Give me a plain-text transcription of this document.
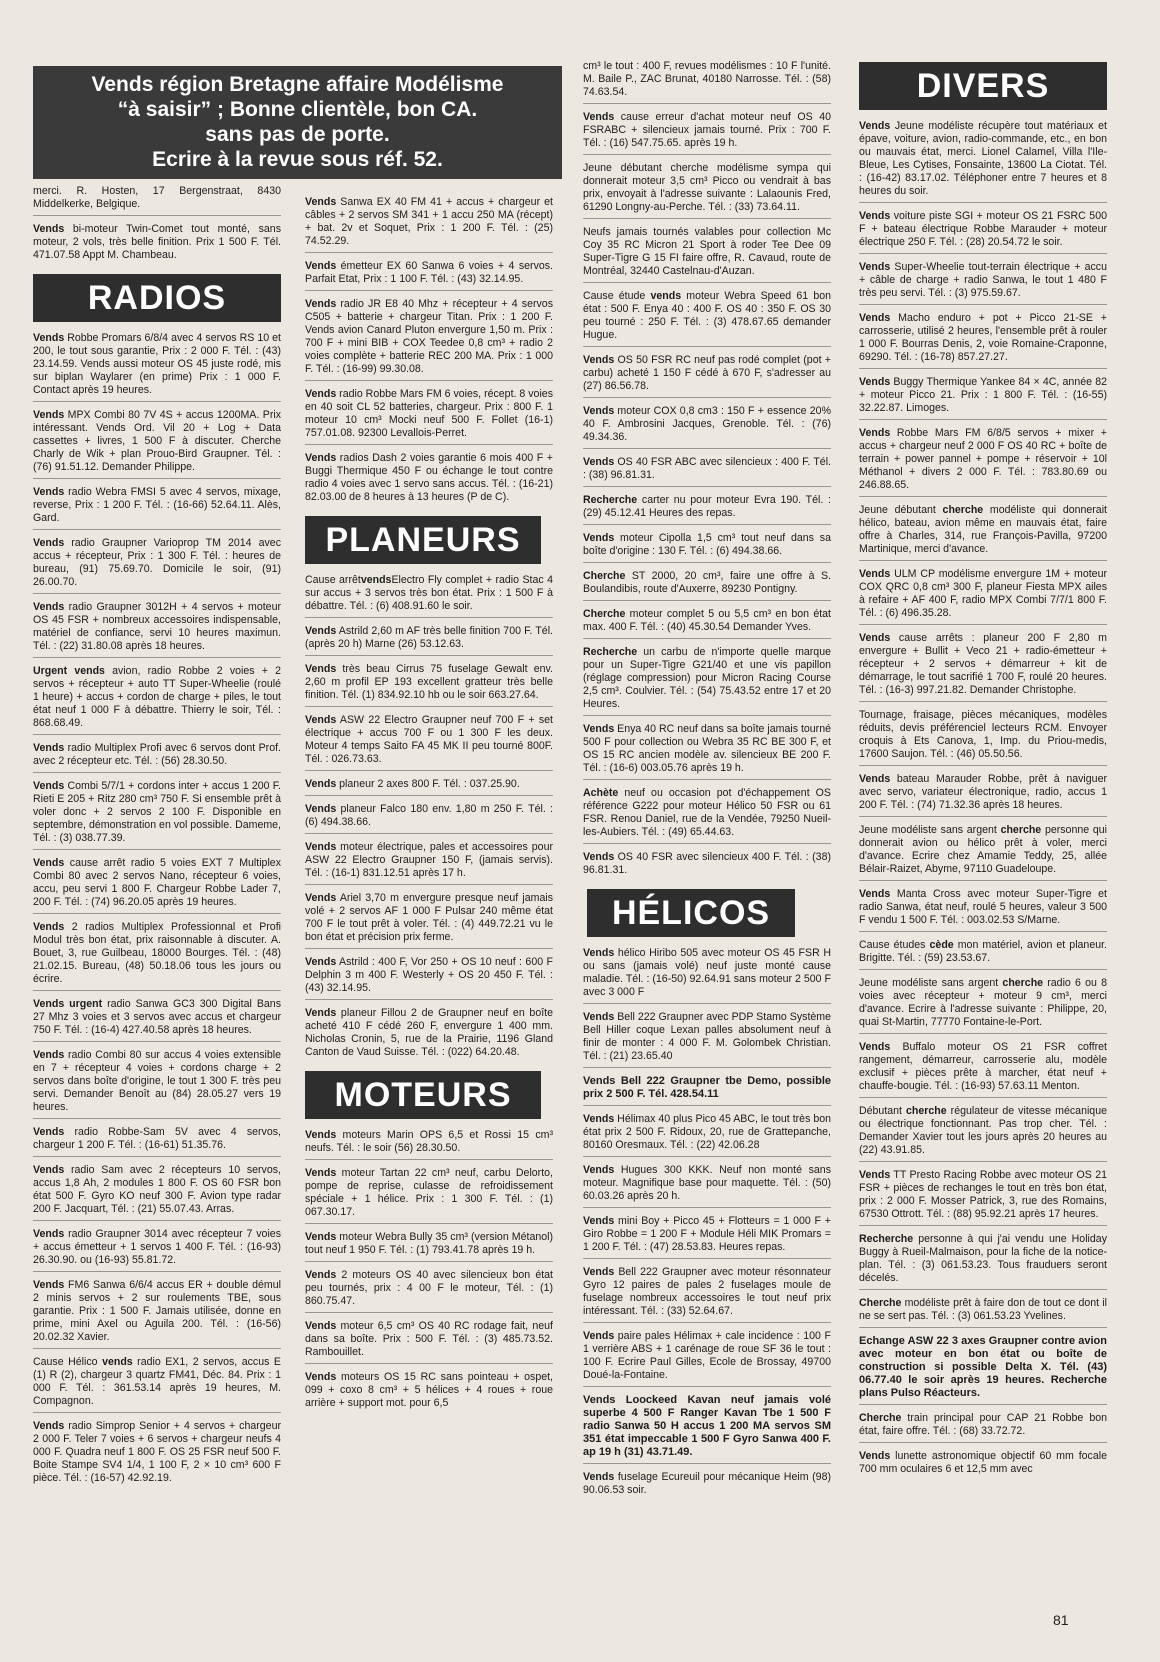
Vends région Bretagne affaire Modélisme
“à saisir” ; Bonne clientèle, bon CA.
sans pas de porte.
Ecrire à la revue sous réf. 52.
merci. R. Hosten, 17 Bergenstraat, 8430 Middelkerke, Belgique.
Vends bi-moteur Twin-Comet tout monté, sans moteur, 2 vols, très belle finition. Prix 1 500 F. Tél. 471.07.58 Appt M. Chambeau.
RADIOS
Vends Robbe Promars 6/8/4 avec 4 servos RS 10 et 200, le tout sous garantie, Prix : 2 000 F. Tél. : (43) 23.14.59. Vends aussi moteur OS 45 juste rodé, mis sur biplan Waylarer (en prime) Prix : 1 000 F. Contact après 19 heures.
Vends MPX Combi 80 7V 4S + accus 1200MA. Prix intéressant. Vends Ord. Vil 20 + Log + Data cassettes + livres, 1 500 F à discuter. Cherche Charly de Wik + plan Prouo-Bird Graupner. Tél. : (76) 91.51.12. Demander Philippe.
Vends radio Webra FMSI 5 avec 4 servos, mixage, reverse, Prix : 1 200 F. Tél. : (16-66) 52.64.11. Alès, Gard.
Vends radio Graupner Varioprop TM 2014 avec accus + récepteur, Prix : 1 300 F. Tél. : heures de bureau, (91) 75.69.70. Domicile le soir, (91) 26.00.70.
Vends radio Graupner 3012H + 4 servos + moteur OS 45 FSR + nombreux accessoires indispensable, matériel de confiance, servi 10 heures maximun. Tél. : (22) 31.80.08 après 18 heures.
Urgent vends avion, radio Robbe 2 voies + 2 servos + récepteur + auto TT Super-Wheelie (roulé 1 heure) + accus + cordon de charge + piles, le tout état neuf 1 000 F à débattre. Thierry le soir, Tél. : 868.68.49.
Vends radio Multiplex Profi avec 6 servos dont Prof. avec 2 récepteur etc. Tél. : (56) 28.30.50.
Vends Combi 5/7/1 + cordons inter + accus 1 200 F. Rieti E 205 + Ritz 280 cm³ 750 F. Si ensemble prêt à voler donc + 2 servos 2 100 F. Disponible en septembre, démonstration en vol possible. Dameme, Tél. : (3) 038.77.39.
Vends cause arrêt radio 5 voies EXT 7 Multiplex Combi 80 avec 2 servos Nano, récepteur 6 voies, accu, peu servi 1 800 F. Chargeur Robbe Lader 7, 200 F. Tél. : (74) 96.20.05 après 19 heures.
Vends 2 radios Multiplex Professionnal et Profi Modul très bon état, prix raisonnable à discuter. A. Bouet, 3, rue Guilbeau, 18000 Bourges. Tél. : (48) 21.02.15. Bureau, (48) 50.18.06 tous les jours ou écrire.
Vends urgent radio Sanwa GC3 300 Digital Bans 27 Mhz 3 voies et 3 servos avec accus et chargeur 750 F. Tél. : (16-4) 427.40.58 après 18 heures.
Vends radio Combi 80 sur accus 4 voies extensible en 7 + récepteur 4 voies + cordons charge + 2 servos dans boîte d'origine, le tout 1 300 F. très peu servi. Demander Benoît au (84) 28.05.27 vers 19 heures.
Vends radio Robbe-Sam 5V avec 4 servos, chargeur 1 200 F. Tél. : (16-61) 51.35.76.
Vends radio Sam avec 2 récepteurs 10 servos, accus 1,8 Ah, 2 modules 1 800 F. OS 60 FSR bon état 500 F. Gyro KO neuf 300 F. Avion type radar 200 F. Jacquart, Tél. : (21) 55.07.43. Arras.
Vends radio Graupner 3014 avec récepteur 7 voies + accus émetteur + 1 servos 1 400 F. Tél. : (16-93) 26.30.90. ou (16-93) 55.81.72.
Vends FM6 Sanwa 6/6/4 accus ER + double démul 2 minis servos + 2 sur roulements TBE, sous garantie. Prix : 1 500 F. Jamais utilisée, donne en prime, mini Axel ou Aguila 200. Tél. : (16-56) 20.02.32 Xavier.
Cause Hélico vends radio EX1, 2 servos, accus E (1) R (2), chargeur 3 quartz FM41, Déc. 84. Prix : 1 000 F. Tél. : 361.53.14 après 19 heures, M. Compagnon.
Vends radio Simprop Senior + 4 servos + chargeur 2 000 F. Teler 7 voies + 6 servos + chargeur neufs 4 000 F. Quadra neuf 1 800 F. OS 25 FSR neuf 500 F. Boite Stampe SV4 1/4, 1 100 F, 2 × 10 cm³ 600 F pièce. Tél. : (16-57) 42.92.19.
Vends Sanwa EX 40 FM 41 + accus + chargeur et câbles + 2 servos SM 341 + 1 accu 250 MA (récept) + bat. 2v et Soquet, Prix : 1 200 F. Tél. : (25) 74.52.29.
Vends émetteur EX 60 Sanwa 6 voies + 4 servos. Parfait Etat, Prix : 1 100 F. Tél. : (43) 32.14.95.
Vends radio JR E8 40 Mhz + récepteur + 4 servos C505 + batterie + chargeur Titan. Prix : 1 200 F. Vends avion Canard Pluton envergure 1,50 m. Prix : 700 F + mini BIB + COX Teedee 0,8 cm³ + radio 2 voies complète + batterie REC 200 MA. Prix : 1 000 F. Tél. : (16-99) 99.30.08.
Vends radio Robbe Mars FM 6 voies, récept. 8 voies en 40 soit CL 52 batteries, chargeur. Prix : 800 F. 1 moteur 10 cm³ Mocki neuf 500 F. Follet (16-1) 757.01.08. 92300 Levallois-Perret.
Vends radios Dash 2 voies garantie 6 mois 400 F + Buggi Thermique 450 F ou échange le tout contre radio 4 voies avec 1 servo sans accus. Tél. : (16-21) 82.03.00 de 8 heures à 13 heures (P de C).
PLANEURS
Cause arrêtvendsElectro Fly complet + radio Stac 4 sur accus + 3 servos très bon état. Prix : 1 500 F à débattre. Tél. : (6) 408.91.60 le soir.
Vends Astrild 2,60 m AF très belle finition 700 F. Tél. (après 20 h) Marne (26) 53.12.63.
Vends très beau Cirrus 75 fuselage Gewalt env. 2,60 m profil EP 193 excellent gratteur très belle finition. Tél. (1) 834.92.10 hb ou le soir 663.27.64.
Vends ASW 22 Electro Graupner neuf 700 F + set électrique + accus 700 F ou 1 300 F les deux. Moteur 4 temps Saito FA 45 MK II peu tourné 800F. Tél. : 026.73.63.
Vends planeur 2 axes 800 F. Tél. : 037.25.90.
Vends planeur Falco 180 env. 1,80 m 250 F. Tél. : (6) 494.38.66.
Vends moteur électrique, pales et accessoires pour ASW 22 Electro Graupner 150 F, (jamais servis). Tél. : (16-1) 831.12.51 après 17 h.
Vends Ariel 3,70 m envergure presque neuf jamais volé + 2 servos AF 1 000 F Pulsar 240 même état 700 F le tout prêt à voler. Tél. : (4) 449.72.21 vu le bon état et précision prix ferme.
Vends Astrild : 400 F, Vor 250 + OS 10 neuf : 600 F Delphin 3 m 400 F. Westerly + OS 20 450 F. Tél. : (43) 32.14.95.
Vends planeur Fillou 2 de Graupner neuf en boîte acheté 410 F cédé 260 F, envergure 1 400 mm. Nicholas Cronin, 5, rue de la Prairie, 1196 Gland Canton de Vaud Suisse. Tél. : (022) 64.20.48.
MOTEURS
Vends moteurs Marin OPS 6,5 et Rossi 15 cm³ neufs. Tél. : le soir (56) 28.30.50.
Vends moteur Tartan 22 cm³ neuf, carbu Delorto, pompe de reprise, culasse de refroidissement spéciale + 1 hélice. Prix : 1 300 F. Tél. : (1) 067.30.17.
Vends moteur Webra Bully 35 cm³ (version Métanol) tout neuf 1 950 F. Tél. : (1) 793.41.78 après 19 h.
Vends 2 moteurs OS 40 avec silencieux bon état peu tournés, prix : 4 00 F le moteur, Tél. : (1) 860.75.47.
Vends moteur 6,5 cm³ OS 40 RC rodage fait, neuf dans sa boîte. Prix : 500 F. Tél. : (3) 485.73.52. Rambouillet.
Vends moteurs OS 15 RC sans pointeau + ospet, 099 + coxo 8 cm³ + 5 hélices + 4 roues + roue arrière + support mot. pour 6,5
cm³ le tout : 400 F, revues modélismes : 10 F l'unité. M. Baile P., ZAC Brunat, 40180 Narrosse. Tél. : (58) 74.63.54.
Vends cause erreur d'achat moteur neuf OS 40 FSRABC + silencieux jamais tourné. Prix : 700 F. Tél. : (16) 547.75.65. après 19 h.
Jeune débutant cherche modélisme sympa qui donnerait moteur 3,5 cm³ Picco ou vendrait à bas prix, envoyait à l'adresse suivante : Lalaounis Fred, 61290 Longny-au-Perche. Tél. : (33) 73.64.11.
Neufs jamais tournés valables pour collection Mc Coy 35 RC Micron 21 Sport à roder Tee Dee 09 Super-Tigre G 15 FI faire offre, R. Cavaud, route de Montréal, 32440 Castelnau-d'Auzan.
Cause étude vends moteur Webra Speed 61 bon état : 500 F. Enya 40 : 400 F. OS 40 : 350 F. OS 30 peu tourné : 250 F. Tél. : (3) 478.67.65 demander Hugue.
Vends OS 50 FSR RC neuf pas rodé complet (pot + carbu) acheté 1 150 F cédé à 670 F, s'adresser au (27) 86.56.78.
Vends moteur COX 0,8 cm3 : 150 F + essence 20% 40 F. Ambrosini Jacques, Grenoble. Tél. : (76) 49.34.36.
Vends OS 40 FSR ABC avec silencieux : 400 F. Tél. : (38) 96.81.31.
Recherche carter nu pour moteur Evra 190. Tél. : (29) 45.12.41 Heures des repas.
Vends moteur Cipolla 1,5 cm³ tout neuf dans sa boîte d'origine : 130 F. Tél. : (6) 494.38.66.
Cherche ST 2000, 20 cm³, faire une offre à S. Boulandibis, route d'Auxerre, 89230 Pontigny.
Cherche moteur complet 5 ou 5,5 cm³ en bon état max. 400 F. Tél. : (40) 45.30.54 Demander Yves.
Recherche un carbu de n'importe quelle marque pour un Super-Tigre G21/40 et une vis papillon (réglage compression) pour Micron Racing Course 2,5 cm³. Coulvier. Tél. : (54) 75.43.52 entre 17 et 20 Heures.
Vends Enya 40 RC neuf dans sa boîte jamais tourné 500 F pour collection ou Webra 35 RC BE 300 F, et OS 15 RC ancien modèle av. silencieux BE 200 F. Tél. : (16-6) 003.05.76 après 19 h.
Achète neuf ou occasion pot d'échappement OS référence G222 pour moteur Hélico 50 FSR ou 61 FSR. Renou Daniel, rue de la Vendée, 79250 Nueil-les-Aubiers. Tél. : (49) 65.44.63.
Vends OS 40 FSR avec silencieux 400 F. Tél. : (38) 96.81.31.
HÉLICOS
Vends hélico Hiribo 505 avec moteur OS 45 FSR H ou sans (jamais volé) neuf juste monté cause maladie. Tél. : (16-50) 92.64.91 sans moteur 2 500 F avec 3 000 F
Vends Bell 222 Graupner avec PDP Stamo Système Bell Hiller coque Lexan palles absolument neuf à finir de monter : 4 000 F. M. Golombek Christian. Tél. : (21) 23.65.40
Vends Bell 222 Graupner tbe Demo, possible prix 2 500 F. Tél. 428.54.11
Vends Hélimax 40 plus Pico 45 ABC, le tout très bon état prix 2 500 F. Ridoux, 20, rue de Grattepanche, 80160 Oresmaux. Tél. : (22) 42.06.28
Vends Hugues 300 KKK. Neuf non monté sans moteur. Magnifique base pour maquette. Tél. : (50) 60.03.26 après 20 h.
Vends mini Boy + Picco 45 + Flotteurs = 1 000 F + Giro Robbe = 1 200 F + Module Héli MIK Promars = 1 200 F. Tél. : (47) 28.53.83. Heures repas.
Vends Bell 222 Graupner avec moteur résonnateur Gyro 12 paires de pales 2 fuselages moule de fuselage nombreux accessoires le tout neuf prix intéressant. Tél. : (33) 52.64.67.
Vends paire pales Hélimax + cale incidence : 100 F 1 verrière ABS + 1 carénage de roue SF 36 le tout : 100 F. Ecrire Paul Gilles, Ecole de Brossay, 49700 Doué-la-Fontaine.
Vends Loockeed Kavan neuf jamais volé superbe 4 500 F Ranger Kavan Tbe 1 500 F radio Sanwa 50 H accus 1 200 MA servos SM 351 état impeccable 1 500 F Gyro Sanwa 400 F. ap 19 h (31) 43.71.49.
Vends fuselage Ecureuil pour mécanique Heim (98) 90.06.53 soir.
DIVERS
Vends Jeune modéliste récupère tout matériaux et épave, voiture, avion, radio-commande, etc., en bon ou mauvais état, merci. Lionel Calamel, Villa l'Ile-Bleue, Les Cytises, Fonsainte, 13600 La Ciotat. Tél. : (16-42) 83.17.02. Téléphoner entre 7 heures et 8 heures du soir.
Vends voiture piste SGI + moteur OS 21 FSRC 500 F + bateau électrique Robbe Marauder + moteur électrique 250 F. Tél. : (28) 20.54.72 le soir.
Vends Super-Wheelie tout-terrain électrique + accu + câble de charge + radio Sanwa, le tout 1 480 F très peu servi. Tél. : (3) 975.59.67.
Vends Macho enduro + pot + Picco 21-SE + carrosserie, utilisé 2 heures, l'ensemble prêt à rouler 1 000 F. Bourras Denis, 2, voie Romaine-Craponne, 69290. Tél. : (16-78) 857.27.27.
Vends Buggy Thermique Yankee 84 × 4C, année 82 + moteur Picco 21. Prix : 1 800 F. Tél. : (16-55) 32.22.87. Limoges.
Vends Robbe Mars FM 6/8/5 servos + mixer + accus + chargeur neuf 2 000 F OS 40 RC + boîte de terrain + power pannel + pompe + réservoir + 10l Méthanol + divers 2 000 F. Tél. : 783.80.69 ou 246.88.65.
Jeune débutant cherche modéliste qui donnerait hélico, bateau, avion même en mauvais état, faire offre à Charles, 314, rue François-Pavilla, 97200 Martinique, merci d'avance.
Vends ULM CP modélisme envergure 1M + moteur COX QRC 0,8 cm³ 300 F, planeur Fiesta MPX ailes à refaire + AF 400 F, radio MPX Combi 7/7/1 800 F. Tél. : (6) 496.35.28.
Vends cause arrêts : planeur 200 F 2,80 m envergure + Bullit + Veco 21 + radio-émetteur + récepteur + 2 servos + démarreur + kit de démarrage, le tout sacrifié 1 700 F, roulé 20 heures. Tél. : (16-3) 997.21.82. Demander Christophe.
Tournage, fraisage, pièces mécaniques, modèles réduits, devis préférenciel lecteurs RCM. Envoyer croquis à Ets Canova, 1, Imp. du Priou-medis, 17600 Saujon. Tél. : (46) 05.50.56.
Vends bateau Marauder Robbe, prêt à naviguer avec servo, variateur électronique, radio, accus 1 200 F. Tél. : (74) 71.32.36 après 18 heures.
Jeune modéliste sans argent cherche personne qui donnerait avion ou hélico prêt à voler, merci d'avance. Ecrire chez Amamie Teddy, 25, allée Bélair-Raizet, Abyme, 97110 Guadeloupe.
Vends Manta Cross avec moteur Super-Tigre et radio Sanwa, état neuf, roulé 5 heures, valeur 3 500 F vendu 1 500 F. Tél. : 003.02.53 S/Marne.
Cause études cède mon matériel, avion et planeur. Brigitte. Tél. : (59) 23.53.67.
Jeune modéliste sans argent cherche radio 6 ou 8 voies avec récepteur + moteur 9 cm³, merci d'avance. Ecrire à l'adresse suivante : Philippe, 20, quai St-Martin, 77770 Fontaine-le-Port.
Vends Buffalo moteur OS 21 FSR coffret rangement, démarreur, carrosserie alu, modèle exclusif + pièces prête à marcher, état neuf + chauffe-bougie. Tél. : (16-93) 57.63.11 Menton.
Débutant cherche régulateur de vitesse mécanique ou électrique fonctionnant. Pas trop cher. Tél. : Demander Xavier tout les jours après 20 heures au (22) 43.91.85.
Vends TT Presto Racing Robbe avec moteur OS 21 FSR + pièces de rechanges le tout en très bon état, prix : 2 000 F. Mosser Patrick, 3, rue des Romains, 67530 Ottrott. Tél. : (88) 95.92.21 après 17 heures.
Recherche personne à qui j'ai vendu une Holiday Buggy à Rueil-Malmaison, pour la fiche de la notice-plan. Tél. : (3) 061.53.23. Tous frauduers seront décelés.
Cherche modéliste prêt à faire don de tout ce dont il ne se sert pas. Tél. : (3) 061.53.23 Yvelines.
Echange ASW 22 3 axes Graupner contre avion avec moteur en bon état ou boîte de construction si possible Delta X. Tél. (43) 06.77.40 le soir après 19 heures. Recherche plans Pulso Réacteurs.
Cherche train principal pour CAP 21 Robbe bon état, faire offre. Tél. : (68) 33.72.72.
Vends lunette astronomique objectif 60 mm focale 700 mm oculaires 6 et 12,5 mm avec
81
